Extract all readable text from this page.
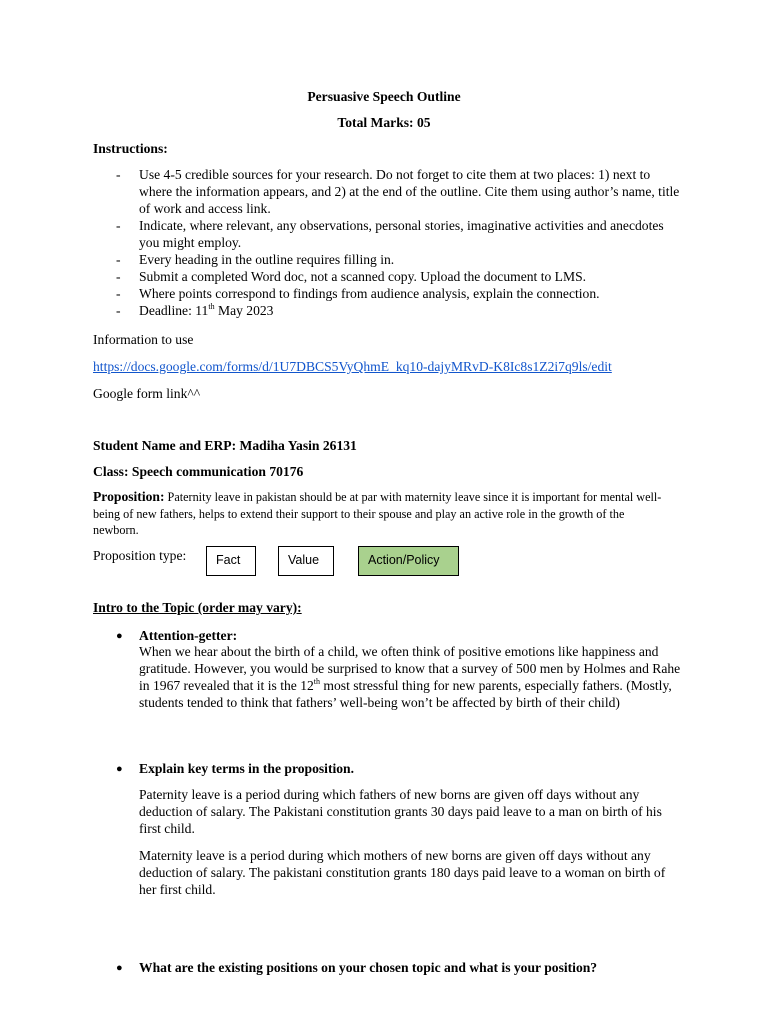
Persuasive Speech Outline
Total Marks: 05
Instructions:
- Use 4-5 credible sources for your research. Do not forget to cite them at two places: 1) next to where the information appears, and 2) at the end of the outline. Cite them using author’s name, title of work and access link.
- Indicate, where relevant, any observations, personal stories, imaginative activities and anecdotes you might employ.
- Every heading in the outline requires filling in.
- Submit a completed Word doc, not a scanned copy. Upload the document to LMS.
- Where points correspond to findings from audience analysis, explain the connection.
- Deadline: 11th May 2023
Information to use
https://docs.google.com/forms/d/1U7DBCS5VyQhmE_kq10-dajyMRvD-K8Ic8s1Z2i7q9ls/edit
Google form link^^
Student Name and ERP: Madiha Yasin 26131
Class: Speech communication 70176
Proposition: Paternity leave in pakistan should be at par with maternity leave since it is important for mental well-being of new fathers, helps to extend their support to their spouse and play an active role in the growth of the newborn.
Proposition type:	Fact	Value	Action/Policy
Intro to the Topic (order may vary):
● Attention-getter:
When we hear about the birth of a child, we often think of positive emotions like happiness and gratitude. However, you would be surprised to know that a survey of 500 men by Holmes and Rahe in 1967 revealed that it is the 12th most stressful thing for new parents, especially fathers. (Mostly, students tended to think that fathers’ well-being won’t be affected by birth of their child)
● Explain key terms in the proposition.
Paternity leave is a period during which fathers of new borns are given off days without any deduction of salary. The Pakistani constitution grants 30 days paid leave to a man on birth of his first child.
Maternity leave is a period during which mothers of new borns are given off days without any deduction of salary. The pakistani constitution grants 180 days paid leave to a woman on birth of her first child.
● What are the existing positions on your chosen topic and what is your position?
